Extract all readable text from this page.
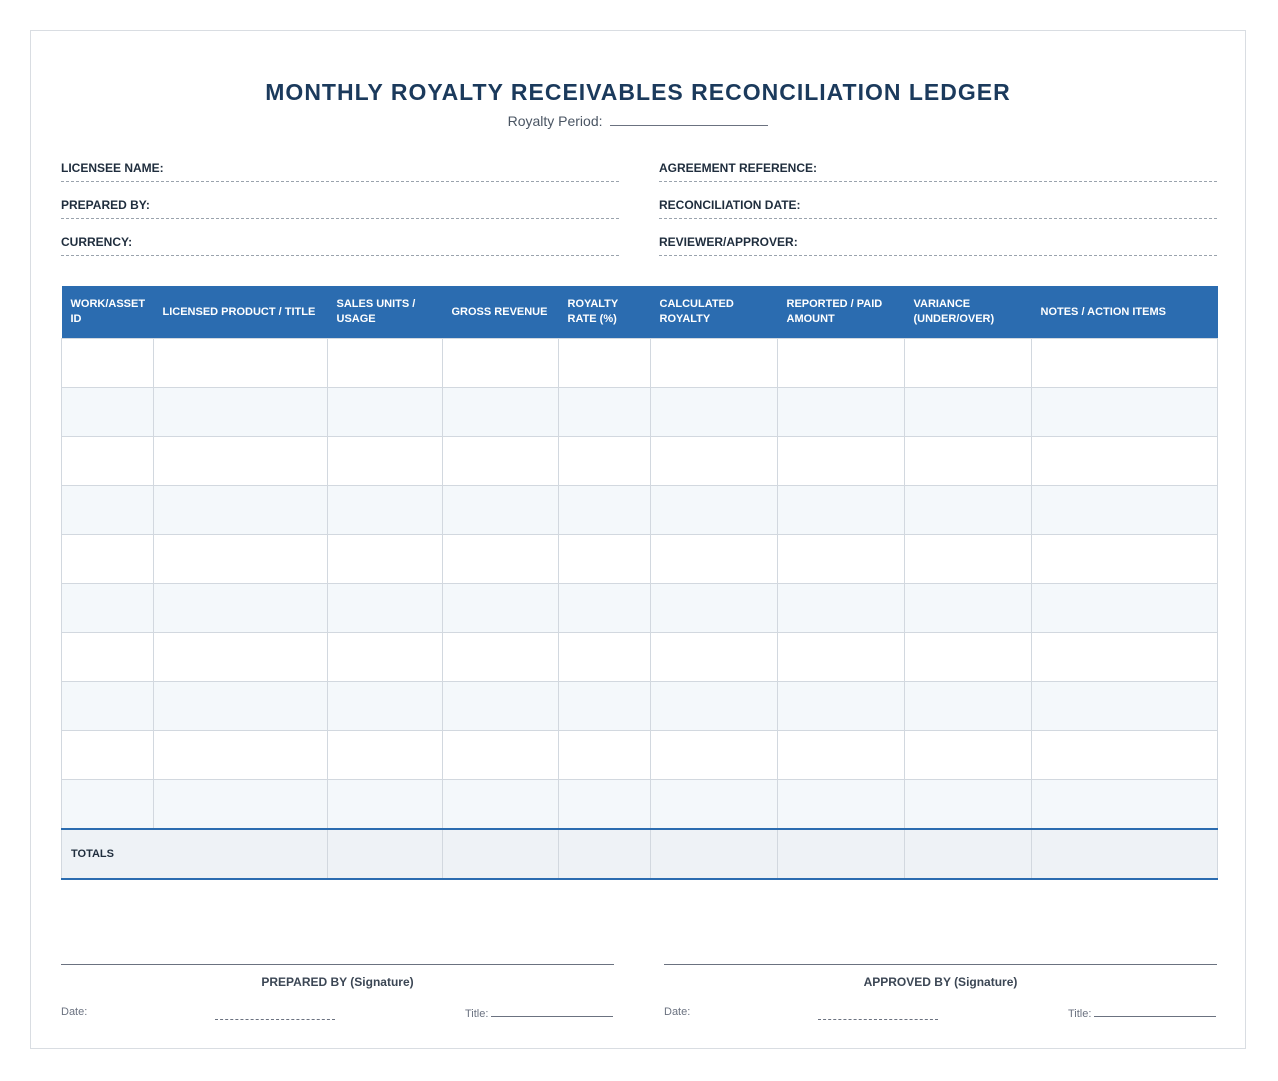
MONTHLY ROYALTY RECEIVABLES RECONCILIATION LEDGER
Royalty Period:
LICENSEE NAME:	AGREEMENT REFERENCE:
PREPARED BY:	RECONCILIATION DATE:
CURRENCY:	REVIEWER/APPROVER:
WORK/ASSET ID	LICENSED PRODUCT / TITLE	SALES UNITS / USAGE	GROSS REVENUE	ROYALTY RATE (%)	CALCULATED ROYALTY	REPORTED / PAID AMOUNT	VARIANCE (UNDER/OVER)	NOTES / ACTION ITEMS

TOTALS								
PREPARED BY (Signature)
Date:	Title:
APPROVED BY (Signature)
Date:	Title:
